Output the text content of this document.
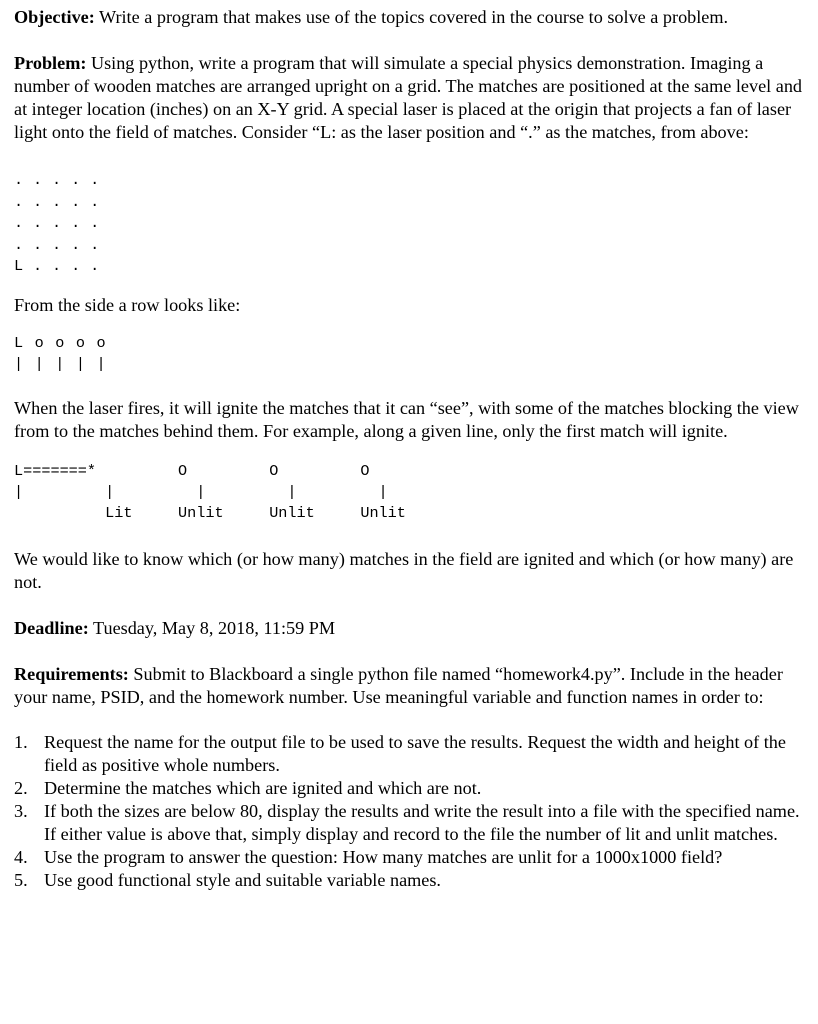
Objective: Write a program that makes use of the topics covered in the course to solve a problem.

Problem: Using python, write a program that will simulate a special physics demonstration. Imaging a number of wooden matches are arranged upright on a grid. The matches are positioned at the same level and at integer location (inches) on an X-Y grid. A special laser is placed at the origin that projects a fan of laser light onto the field of matches. Consider “L: as the laser position and “.” as the matches, from above:

. . . . .
. . . . .
. . . . .
. . . . .
L . . . .

From the side a row looks like:

L o o o o
| | | | |

When the laser fires, it will ignite the matches that it can “see”, with some of the matches blocking the view from to the matches behind them. For example, along a given line, only the first match will ignite.

L=======*         O         O         O
|         |         |         |         |
Lit     Unlit     Unlit     Unlit

We would like to know which (or how many) matches in the field are ignited and which (or how many) are not.

Deadline: Tuesday, May 8, 2018, 11:59 PM

Requirements: Submit to Blackboard a single python file named “homework4.py”. Include in the header your name, PSID, and the homework number. Use meaningful variable and function names in order to:

1. Request the name for the output file to be used to save the results. Request the width and height of the field as positive whole numbers.
2. Determine the matches which are ignited and which are not.
3. If both the sizes are below 80, display the results and write the result into a file with the specified name. If either value is above that, simply display and record to the file the number of lit and unlit matches.
4. Use the program to answer the question: How many matches are unlit for a 1000x1000 field?
5. Use good functional style and suitable variable names.
